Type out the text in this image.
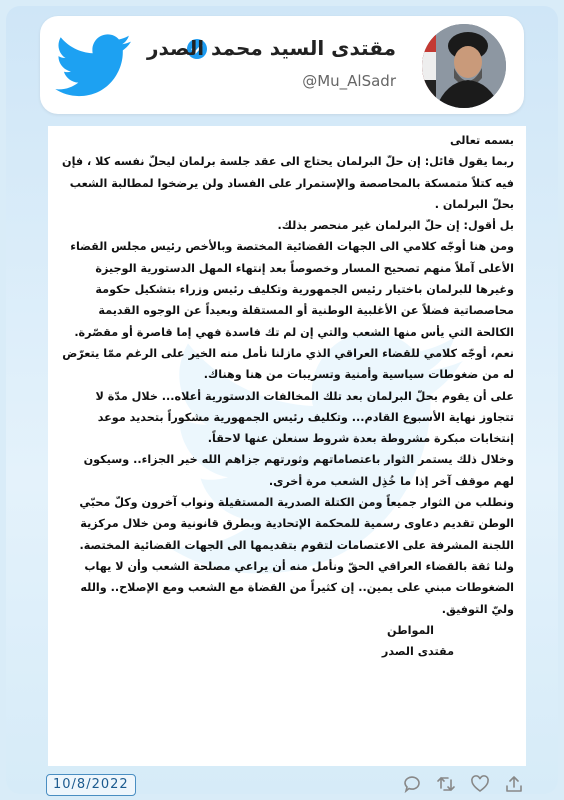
مقتدى السيد محمد الصدر
@Mu_AlSadr

بسمه تعالى

ربما يقول قائل: إن حلّ البرلمان يحتاج الى عقد جلسة برلمان ليحلّ نفسه كلا ، فإن فيه كتلاً متمسكة بالمحاصصة والإستمرار على الفساد ولن يرضخوا لمطالبة الشعب بحلّ البرلمان .

بل أقول: إن حلّ البرلمان غير منحصر بذلك.

ومن هنا أوجّه كلامي الى الجهات القضائية المختصة وبالأخص رئيس مجلس القضاء الأعلى آملاً منهم تصحيح المسار وخصوصاً بعد إنتهاء المهل الدستورية الوجيزة وغيرها للبرلمان باختيار رئيس الجمهورية وتكليف رئيس وزراء بتشكيل حكومة محاصصاتية فضلاً عن الأغلبية الوطنية أو المستقلة وبعيداً عن الوجوه القديمة الكالحة التي يأس منها الشعب والتي إن لم تك فاسدة فهي إما قاصرة أو مقصّرة.

نعم، أوجّه كلامي للقضاء العراقي الذي مازلنا نأمل منه الخير على الرغم ممّا يتعرّض له من ضغوطات سياسية وأمنية وتسريبات من هنا وهناك.

على أن يقوم بحلّ البرلمان بعد تلك المخالفات الدستورية أعلاه... خلال مدّة لا تتجاوز نهاية الأسبوع القادم... وتكليف رئيس الجمهورية مشكوراً بتحديد موعد إنتخابات مبكرة مشروطة بعدة شروط سنعلن عنها لاحقاً.

وخلال ذلك يستمر الثوار باعتصاماتهم وثورتهم جزاهم الله خير الجزاء.. وسيكون لهم موقف آخر إذا ما خُذِل الشعب مرة أخرى.

ونطلب من الثوار جميعاً ومن الكتلة الصدرية المستقيلة ونواب آخرون وكلّ محبّي الوطن تقديم دعاوى رسمية للمحكمة الإتحادية وبطرق قانونية ومن خلال مركزية اللجنة المشرفة على الاعتصامات لتقوم بتقديمها الى الجهات القضائية المختصة.

ولنا ثقة بالقضاء العراقي الحقّ ونأمل منه أن يراعي مصلحة الشعب وأن لا يهاب الضغوطات مبني على يمين.. إن كثيراً من القضاة مع الشعب ومع الإصلاح.. والله وليّ التوفيق.

المواطن

مقتدى الصدر

10/8/2022
